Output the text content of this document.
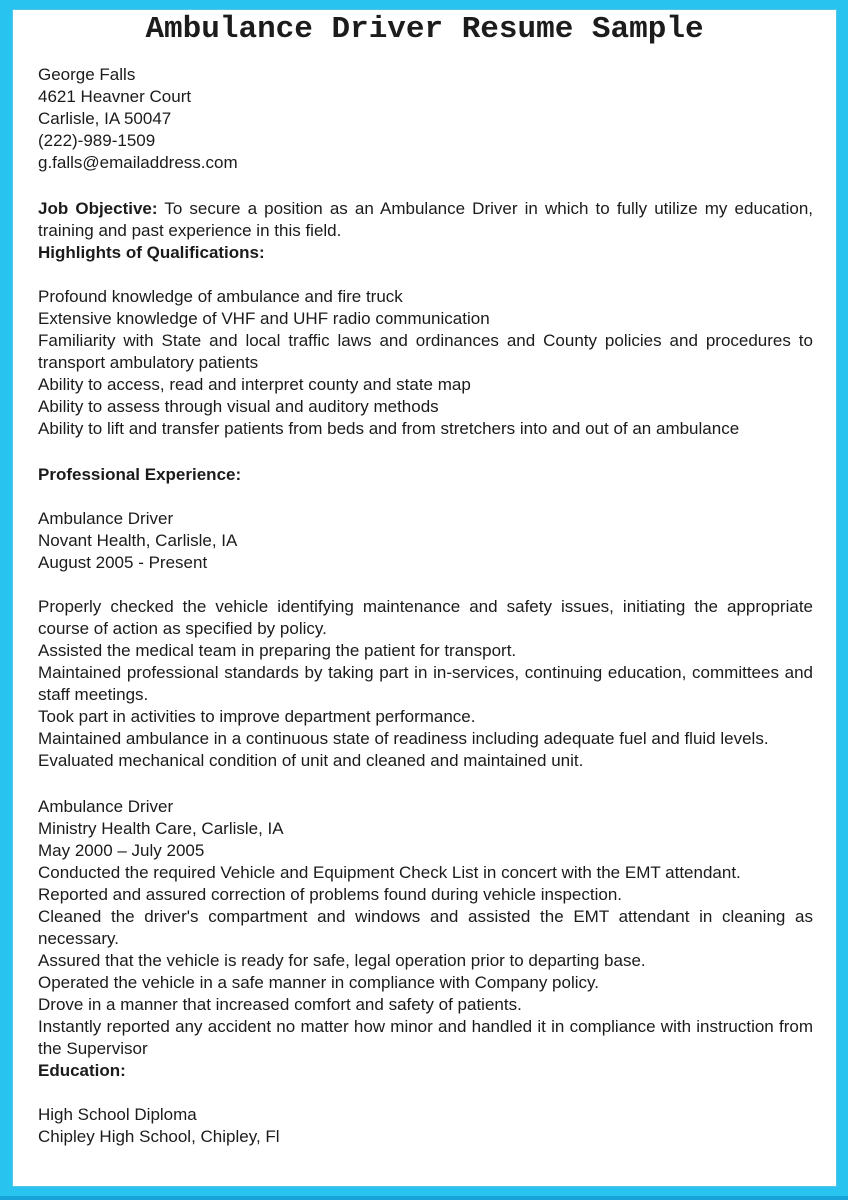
Ambulance Driver Resume Sample
George Falls
4621 Heavner Court
Carlisle, IA 50047
(222)-989-1509
g.falls@emailaddress.com

Job Objective: To secure a position as an Ambulance Driver in which to fully utilize my education, training and past experience in this field.

Highlights of Qualifications:

Profound knowledge of ambulance and fire truck

Extensive knowledge of VHF and UHF radio communication

Familiarity with State and local traffic laws and ordinances and County policies and procedures to transport ambulatory patients

Ability to access, read and interpret county and state map

Ability to assess through visual and auditory methods

Ability to lift and transfer patients from beds and from stretchers into and out of an ambulance

Professional Experience:
Ambulance Driver
Novant Health, Carlisle, IA
August 2005 - Present

Properly checked the vehicle identifying maintenance and safety issues, initiating the appropriate course of action as specified by policy.

Assisted the medical team in preparing the patient for transport.

Maintained professional standards by taking part in in-services, continuing education, committees and staff meetings.

Took part in activities to improve department performance.

Maintained ambulance in a continuous state of readiness including adequate fuel and fluid levels.

Evaluated mechanical condition of unit and cleaned and maintained unit.

Ambulance Driver
Ministry Health Care, Carlisle, IA
May 2000 – July 2005

Conducted the required Vehicle and Equipment Check List in concert with the EMT attendant.

Reported and assured correction of problems found during vehicle inspection.

Cleaned the driver's compartment and windows and assisted the EMT attendant in cleaning as necessary.

Assured that the vehicle is ready for safe, legal operation prior to departing base.

Operated the vehicle in a safe manner in compliance with Company policy.

Drove in a manner that increased comfort and safety of patients.

Instantly reported any accident no matter how minor and handled it in compliance with instruction from the Supervisor

Education:
High School Diploma
Chipley High School, Chipley, Fl
